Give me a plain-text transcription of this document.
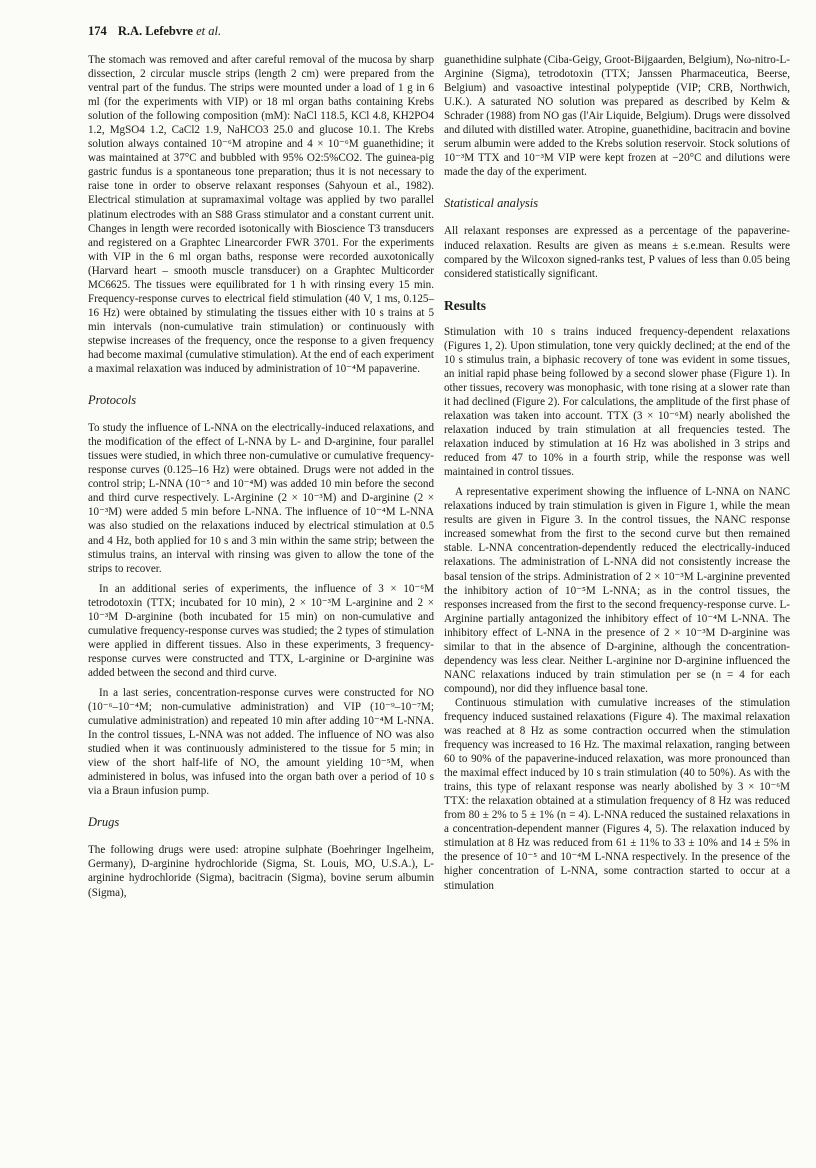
174 R.A. Lefebvre et al.

The stomach was removed and after careful removal of the mucosa by sharp dissection, 2 circular muscle strips (length 2 cm) were prepared from the ventral part of the fundus. The strips were mounted under a load of 1 g in 6 ml (for the experiments with VIP) or 18 ml organ baths containing Krebs solution of the following composition (mM): NaCl 118.5, KCl 4.8, KH2PO4 1.2, MgSO4 1.2, CaCl2 1.9, NaHCO3 25.0 and glucose 10.1. The Krebs solution always contained 10⁻⁶M atropine and 4 × 10⁻⁶M guanethidine; it was maintained at 37°C and bubbled with 95% O2:5%CO2. The guinea-pig gastric fundus is a spontaneous tone preparation; thus it is not necessary to raise tone in order to observe relaxant responses (Sahyoun et al., 1982). Electrical stimulation at supramaximal voltage was applied by two parallel platinum electrodes with an S88 Grass stimulator and a constant current unit. Changes in length were recorded isotonically with Bioscience T3 transducers and registered on a Graphtec Linearcorder FWR 3701. For the experiments with VIP in the 6 ml organ baths, response were recorded auxotonically (Harvard heart – smooth muscle transducer) on a Graphtec Multicorder MC6625. The tissues were equilibrated for 1 h with rinsing every 15 min. Frequency-response curves to electrical field stimulation (40 V, 1 ms, 0.125–16 Hz) were obtained by stimulating the tissues either with 10 s trains at 5 min intervals (non-cumulative train stimulation) or continuously with stepwise increases of the frequency, once the response to a given frequency had become maximal (cumulative stimulation). At the end of each experiment a maximal relaxation was induced by administration of 10⁻⁴M papaverine.

Protocols

To study the influence of L-NNA on the electrically-induced relaxations, and the modification of the effect of L-NNA by L- and D-arginine, four parallel tissues were studied, in which three non-cumulative or cumulative frequency-response curves (0.125–16 Hz) were obtained. Drugs were not added in the control strip; L-NNA (10⁻⁵ and 10⁻⁴M) was added 10 min before the second and third curve respectively. L-Arginine (2 × 10⁻³M) and D-arginine (2 × 10⁻³M) were added 5 min before L-NNA. The influence of 10⁻⁴M L-NNA was also studied on the relaxations induced by electrical stimulation at 0.5 and 4 Hz, both applied for 10 s and 3 min within the same strip; between the stimulus trains, an interval with rinsing was given to allow the tone of the strips to recover.

In an additional series of experiments, the influence of 3 × 10⁻⁶M tetrodotoxin (TTX; incubated for 10 min), 2 × 10⁻³M L-arginine and 2 × 10⁻³M D-arginine (both incubated for 15 min) on non-cumulative and cumulative frequency-response curves was studied; the 2 types of stimulation were applied in different tissues. Also in these experiments, 3 frequency-response curves were constructed and TTX, L-arginine or D-arginine was added between the second and third curve.

In a last series, concentration-response curves were constructed for NO (10⁻⁶–10⁻⁴M; non-cumulative administration) and VIP (10⁻⁹–10⁻⁷M; cumulative administration) and repeated 10 min after adding 10⁻⁴M L-NNA. In the control tissues, L-NNA was not added. The influence of NO was also studied when it was continuously administered to the tissue for 5 min; in view of the short half-life of NO, the amount yielding 10⁻⁵M, when administered in bolus, was infused into the organ bath over a period of 10 s via a Braun infusion pump.

Drugs

The following drugs were used: atropine sulphate (Boehringer Ingelheim, Germany), D-arginine hydrochloride (Sigma, St. Louis, MO, U.S.A.), L-arginine hydrochloride (Sigma), bacitracin (Sigma), bovine serum albumin (Sigma),

guanethidine sulphate (Ciba-Geigy, Groot-Bijgaarden, Belgium), Nω-nitro-L-Arginine (Sigma), tetrodotoxin (TTX; Janssen Pharmaceutica, Beerse, Belgium) and vasoactive intestinal polypeptide (VIP; CRB, Northwich, U.K.). A saturated NO solution was prepared as described by Kelm & Schrader (1988) from NO gas (l'Air Liquide, Belgium). Drugs were dissolved and diluted with distilled water. Atropine, guanethidine, bacitracin and bovine serum albumin were added to the Krebs solution reservoir. Stock solutions of 10⁻³M TTX and 10⁻³M VIP were kept frozen at −20°C and dilutions were made the day of the experiment.

Statistical analysis

All relaxant responses are expressed as a percentage of the papaverine-induced relaxation. Results are given as means ± s.e.mean. Results were compared by the Wilcoxon signed-ranks test, P values of less than 0.05 being considered statistically significant.

Results

Stimulation with 10 s trains induced frequency-dependent relaxations (Figures 1, 2). Upon stimulation, tone very quickly declined; at the end of the 10 s stimulus train, a biphasic recovery of tone was evident in some tissues, an initial rapid phase being followed by a second slower phase (Figure 1). In other tissues, recovery was monophasic, with tone rising at a slower rate than it had declined (Figure 2). For calculations, the amplitude of the first phase of relaxation was taken into account. TTX (3 × 10⁻⁶M) nearly abolished the relaxation induced by train stimulation at all frequencies tested. The relaxation induced by stimulation at 16 Hz was abolished in 3 strips and reduced from 47 to 10% in a fourth strip, while the response was well maintained in control tissues.

A representative experiment showing the influence of L-NNA on NANC relaxations induced by train stimulation is given in Figure 1, while the mean results are given in Figure 3. In the control tissues, the NANC response increased somewhat from the first to the second curve but then remained stable. L-NNA concentration-dependently reduced the electrically-induced relaxations. The administration of L-NNA did not consistently increase the basal tension of the strips. Administration of 2 × 10⁻³M L-arginine prevented the inhibitory action of 10⁻⁵M L-NNA; as in the control tissues, the responses increased from the first to the second frequency-response curve. L-Arginine partially antagonized the inhibitory effect of 10⁻⁴M L-NNA. The inhibitory effect of L-NNA in the presence of 2 × 10⁻³M D-arginine was similar to that in the absence of D-arginine, although the concentration-dependency was less clear. Neither L-arginine nor D-arginine influenced the NANC relaxations induced by train stimulation per se (n = 4 for each compound), nor did they influence basal tone.

Continuous stimulation with cumulative increases of the stimulation frequency induced sustained relaxations (Figure 4). The maximal relaxation was reached at 8 Hz as some contraction occurred when the stimulation frequency was increased to 16 Hz. The maximal relaxation, ranging between 60 to 90% of the papaverine-induced relaxation, was more pronounced than the maximal effect induced by 10 s train stimulation (40 to 50%). As with the trains, this type of relaxant response was nearly abolished by 3 × 10⁻⁶M TTX: the relaxation obtained at a stimulation frequency of 8 Hz was reduced from 80 ± 2% to 5 ± 1% (n = 4). L-NNA reduced the sustained relaxations in a concentration-dependent manner (Figures 4, 5). The relaxation induced by stimulation at 8 Hz was reduced from 61 ± 11% to 33 ± 10% and 14 ± 5% in the presence of 10⁻⁵ and 10⁻⁴M L-NNA respectively. In the presence of the higher concentration of L-NNA, some contraction started to occur at a stimulation
